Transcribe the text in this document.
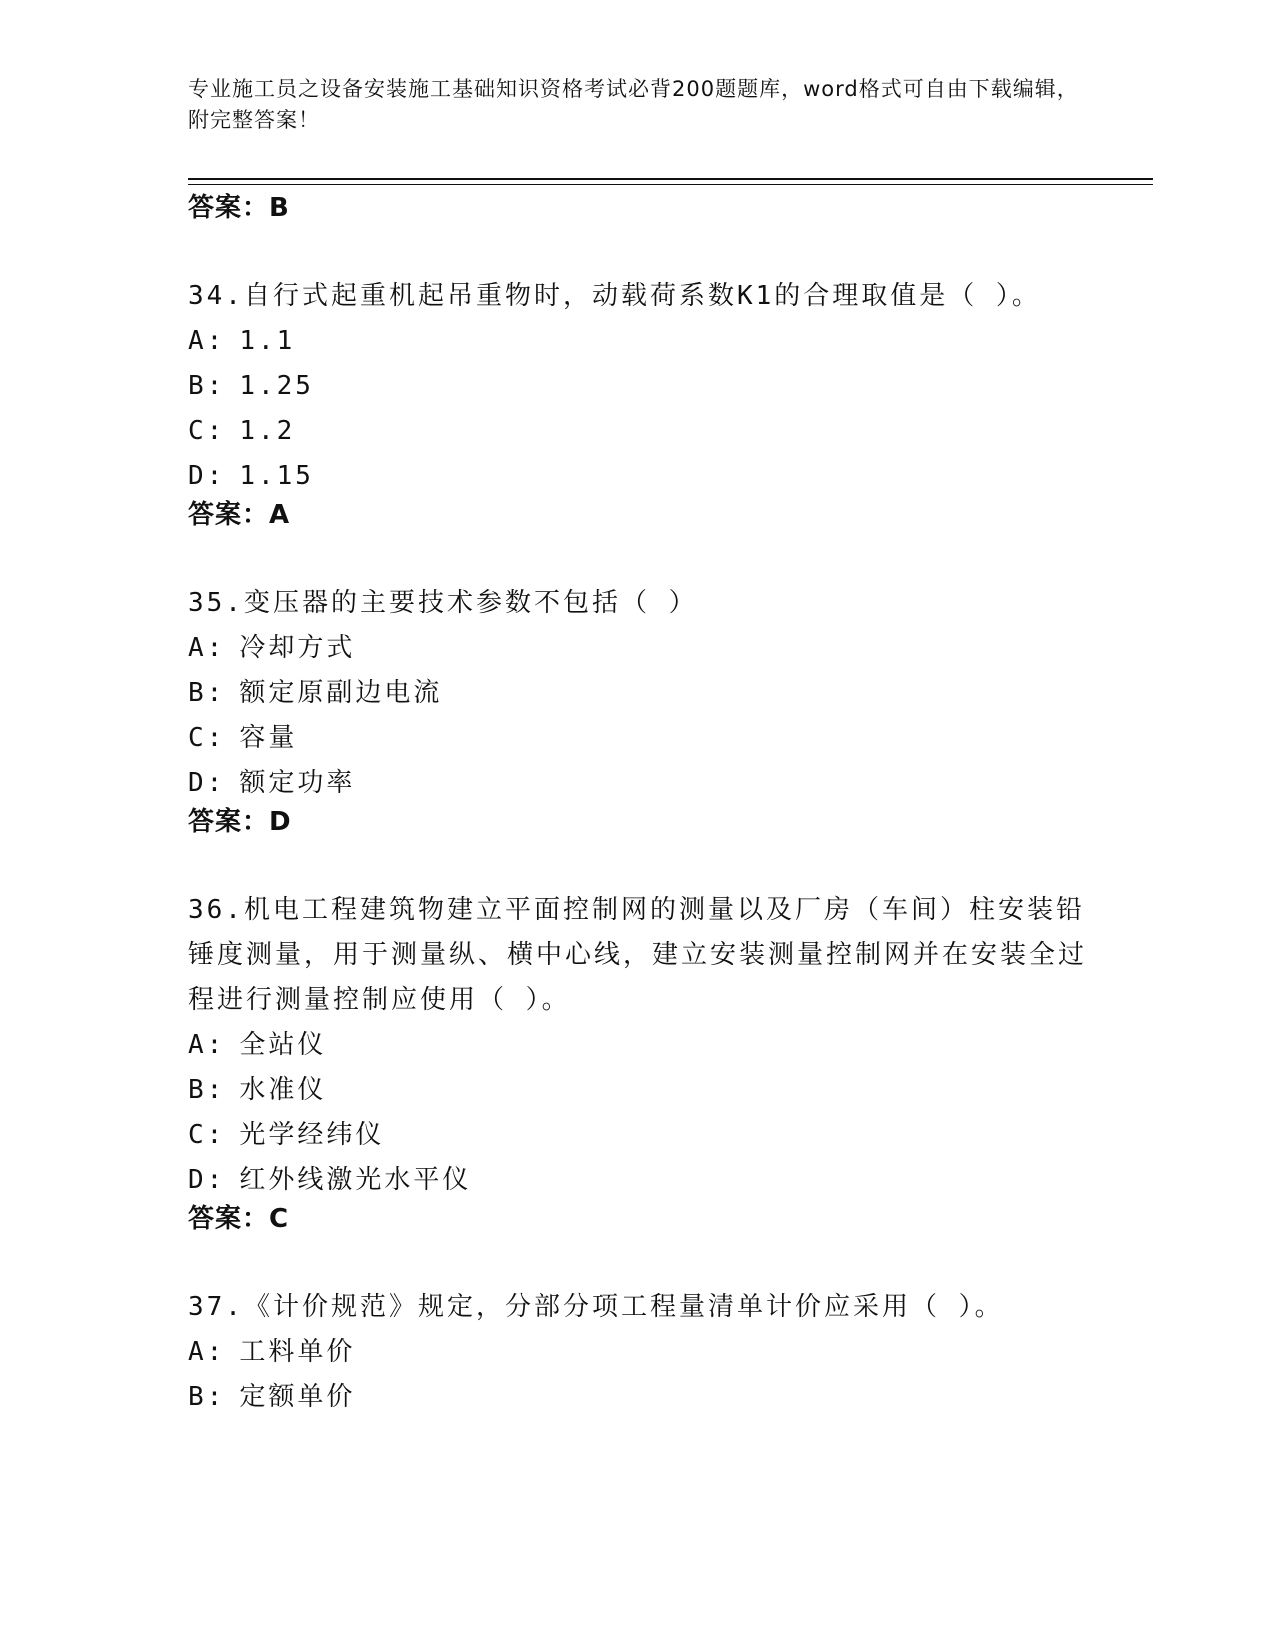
专业施工员之设备安装施工基础知识资格考试必背200题题库，word格式可自由下载编辑，附完整答案！

答案：B

34.自行式起重机起吊重物时，动载荷系数K1的合理取值是（ ）。

A: 1.1
B: 1.25
C: 1.2
D: 1.15
答案：A

35.变压器的主要技术参数不包括（ ）

A: 冷却方式
B: 额定原副边电流
C: 容量
D: 额定功率
答案：D

36.机电工程建筑物建立平面控制网的测量以及厂房（车间）柱安装铅锤度测量，用于测量纵、横中心线，建立安装测量控制网并在安装全过程进行测量控制应使用（ ）。

A: 全站仪
B: 水准仪
C: 光学经纬仪
D: 红外线激光水平仪
答案：C

37.《计价规范》规定，分部分项工程量清单计价应采用（ ）。

A: 工料单价
B: 定额单价
